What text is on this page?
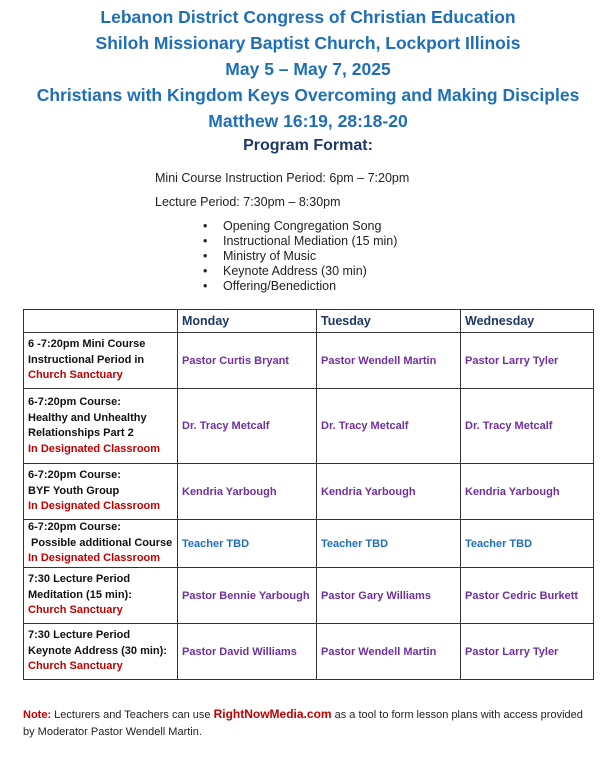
Lebanon District Congress of Christian Education
Shiloh Missionary Baptist Church, Lockport Illinois
May 5 – May 7, 2025
Christians with Kingdom Keys Overcoming and Making Disciples
Matthew 16:19, 28:18-20
Program Format:
Mini Course Instruction Period: 6pm – 7:20pm
Lecture Period: 7:30pm – 8:30pm
• Opening Congregation Song
• Instructional Mediation (15 min)
• Ministry of Music
• Keynote Address (30 min)
• Offering/Benediction
	Monday	Tuesday	Wednesday

6 -7:20pm Mini Course
Instructional Period in
Church Sanctuary	Pastor Curtis Bryant	Pastor Wendell Martin	Pastor Larry Tyler

6-7:20pm Course:
Healthy and Unhealthy
Relationships Part 2
In Designated Classroom	Dr. Tracy Metcalf	Dr. Tracy Metcalf	Dr. Tracy Metcalf

6-7:20pm Course:
BYF Youth Group
In Designated Classroom	Kendria Yarbough	Kendria Yarbough	Kendria Yarbough

6-7:20pm Course:
Possible additional Course
In Designated Classroom	Teacher TBD	Teacher TBD	Teacher TBD

7:30 Lecture Period
Meditation (15 min):
Church Sanctuary	Pastor Bennie Yarbough	Pastor Gary Williams	Pastor Cedric Burkett

7:30 Lecture Period
Keynote Address (30 min):
Church Sanctuary	Pastor David Williams	Pastor Wendell Martin	Pastor Larry Tyler
Note: Lecturers and Teachers can use RightNowMedia.com as a tool to form lesson plans with access provided by Moderator Pastor Wendell Martin.
